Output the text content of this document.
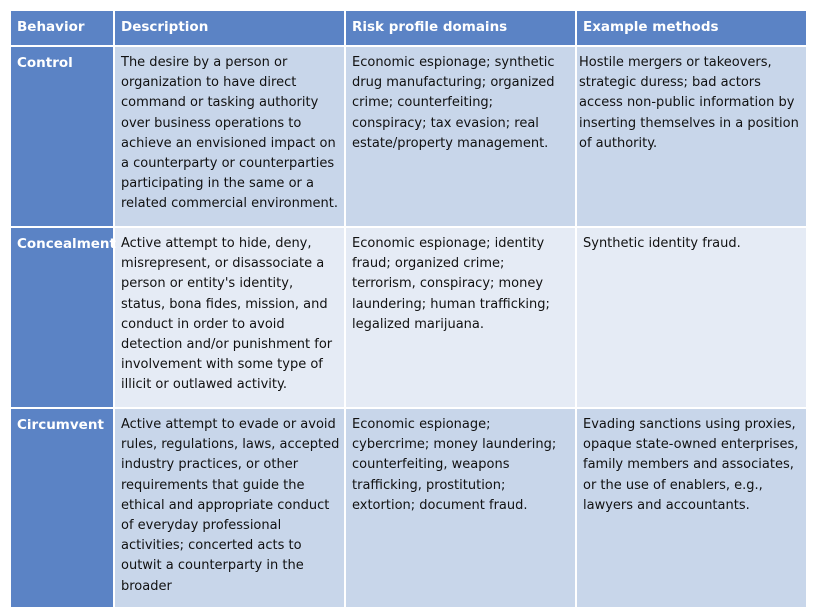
Behavior	Description	Risk profile domains	Example methods
Control	The desire by a person or organization to have direct command or tasking authority over business operations to achieve an envisioned impact on a counterparty or counterparties participating in the same or a related commercial environment.	Economic espionage; synthetic drug manufacturing; organized crime; counterfeiting; conspiracy; tax evasion; real estate/property management.	Hostile mergers or takeovers, strategic duress; bad actors access non-public information by inserting themselves in a position of authority.
Concealment	Active attempt to hide, deny, misrepresent, or disassociate a person or entity's identity, status, bona fides, mission, and conduct in order to avoid detection and/or punishment for involvement with some type of illicit or outlawed activity.	Economic espionage; identity fraud; organized crime; terrorism, conspiracy; money laundering; human trafficking; legalized marijuana.	Synthetic identity fraud.
Circumvent	Active attempt to evade or avoid rules, regulations, laws, accepted industry practices, or other requirements that guide the ethical and appropriate conduct of everyday professional activities; concerted acts to outwit a counterparty in the broader	Economic espionage; cybercrime; money laundering; counterfeiting, weapons trafficking, prostitution; extortion; document fraud.	Evading sanctions using proxies, opaque state-owned enterprises, family members and associates, or the use of enablers, e.g., lawyers and accountants.
